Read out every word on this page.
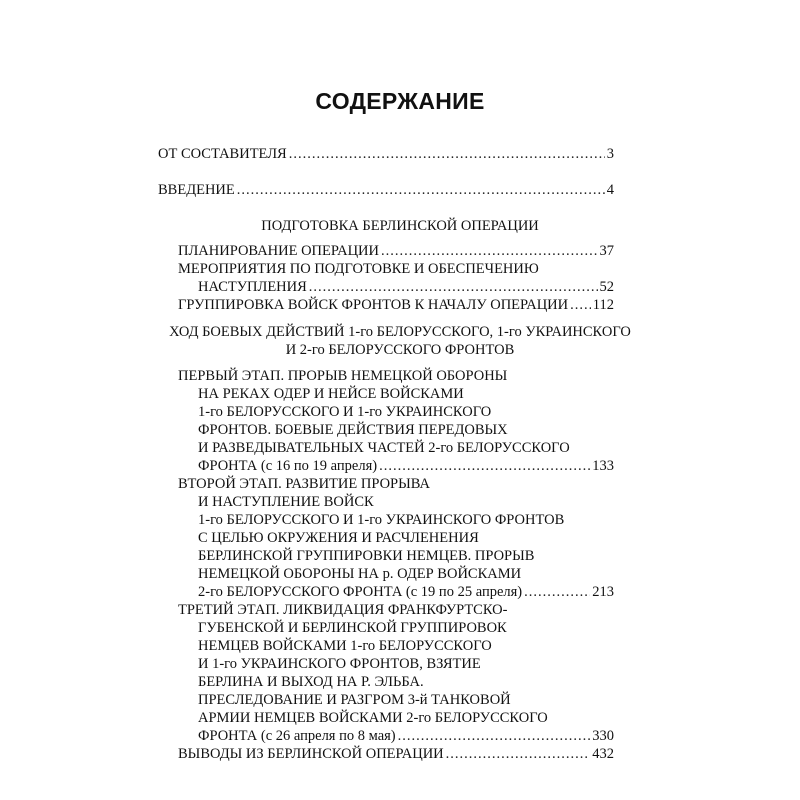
СОДЕРЖАНИЕ
ОТ СОСТАВИТЕЛЯ .....	3
ВВЕДЕНИЕ .....	4
ПОДГОТОВКА БЕРЛИНСКОЙ ОПЕРАЦИИ
ПЛАНИРОВАНИЕ ОПЕРАЦИИ .....	37
МЕРОПРИЯТИЯ ПО ПОДГОТОВКЕ И ОБЕСПЕЧЕНИЮ
НАСТУПЛЕНИЯ .....	52
ГРУППИРОВКА ВОЙСК ФРОНТОВ К НАЧАЛУ ОПЕРАЦИИ ..... 112
ХОД БОЕВЫХ ДЕЙСТВИЙ 1-го БЕЛОРУССКОГО, 1-го УКРАИНСКОГО
И 2-го БЕЛОРУССКОГО ФРОНТОВ
ПЕРВЫЙ ЭТАП. ПРОРЫВ НЕМЕЦКОЙ ОБОРОНЫ
НА РЕКАХ ОДЕР И НЕЙСЕ ВОЙСКАМИ
1-го БЕЛОРУССКОГО И 1-го УКРАИНСКОГО
ФРОНТОВ. БОЕВЫЕ ДЕЙСТВИЯ ПЕРЕДОВЫХ
И РАЗВЕДЫВАТЕЛЬНЫХ ЧАСТЕЙ 2-го БЕЛОРУССКОГО
ФРОНТА (с 16 по 19 апреля) .....	133
ВТОРОЙ ЭТАП. РАЗВИТИЕ ПРОРЫВА
И НАСТУПЛЕНИЕ ВОЙСК
1-го БЕЛОРУССКОГО И 1-го УКРАИНСКОГО ФРОНТОВ
С ЦЕЛЬЮ ОКРУЖЕНИЯ И РАСЧЛЕНЕНИЯ
БЕРЛИНСКОЙ ГРУППИРОВКИ НЕМЦЕВ. ПРОРЫВ
НЕМЕЦКОЙ ОБОРОНЫ НА р. ОДЕР ВОЙСКАМИ
2-го БЕЛОРУССКОГО ФРОНТА (с 19 по 25 апреля) .....	213
ТРЕТИЙ ЭТАП. ЛИКВИДАЦИЯ ФРАНКФУРТСКО-
ГУБЕНСКОЙ И БЕРЛИНСКОЙ ГРУППИРОВОК
НЕМЦЕВ ВОЙСКАМИ 1-го БЕЛОРУССКОГО
И 1-го УКРАИНСКОГО ФРОНТОВ, ВЗЯТИЕ
БЕРЛИНА И ВЫХОД НА Р. ЭЛЬБА.
ПРЕСЛЕДОВАНИЕ И РАЗГРОМ 3-й ТАНКОВОЙ
АРМИИ НЕМЦЕВ ВОЙСКАМИ 2-го БЕЛОРУССКОГО
ФРОНТА (с 26 апреля по 8 мая) .....	330
ВЫВОДЫ ИЗ БЕРЛИНСКОЙ ОПЕРАЦИИ .....	432
